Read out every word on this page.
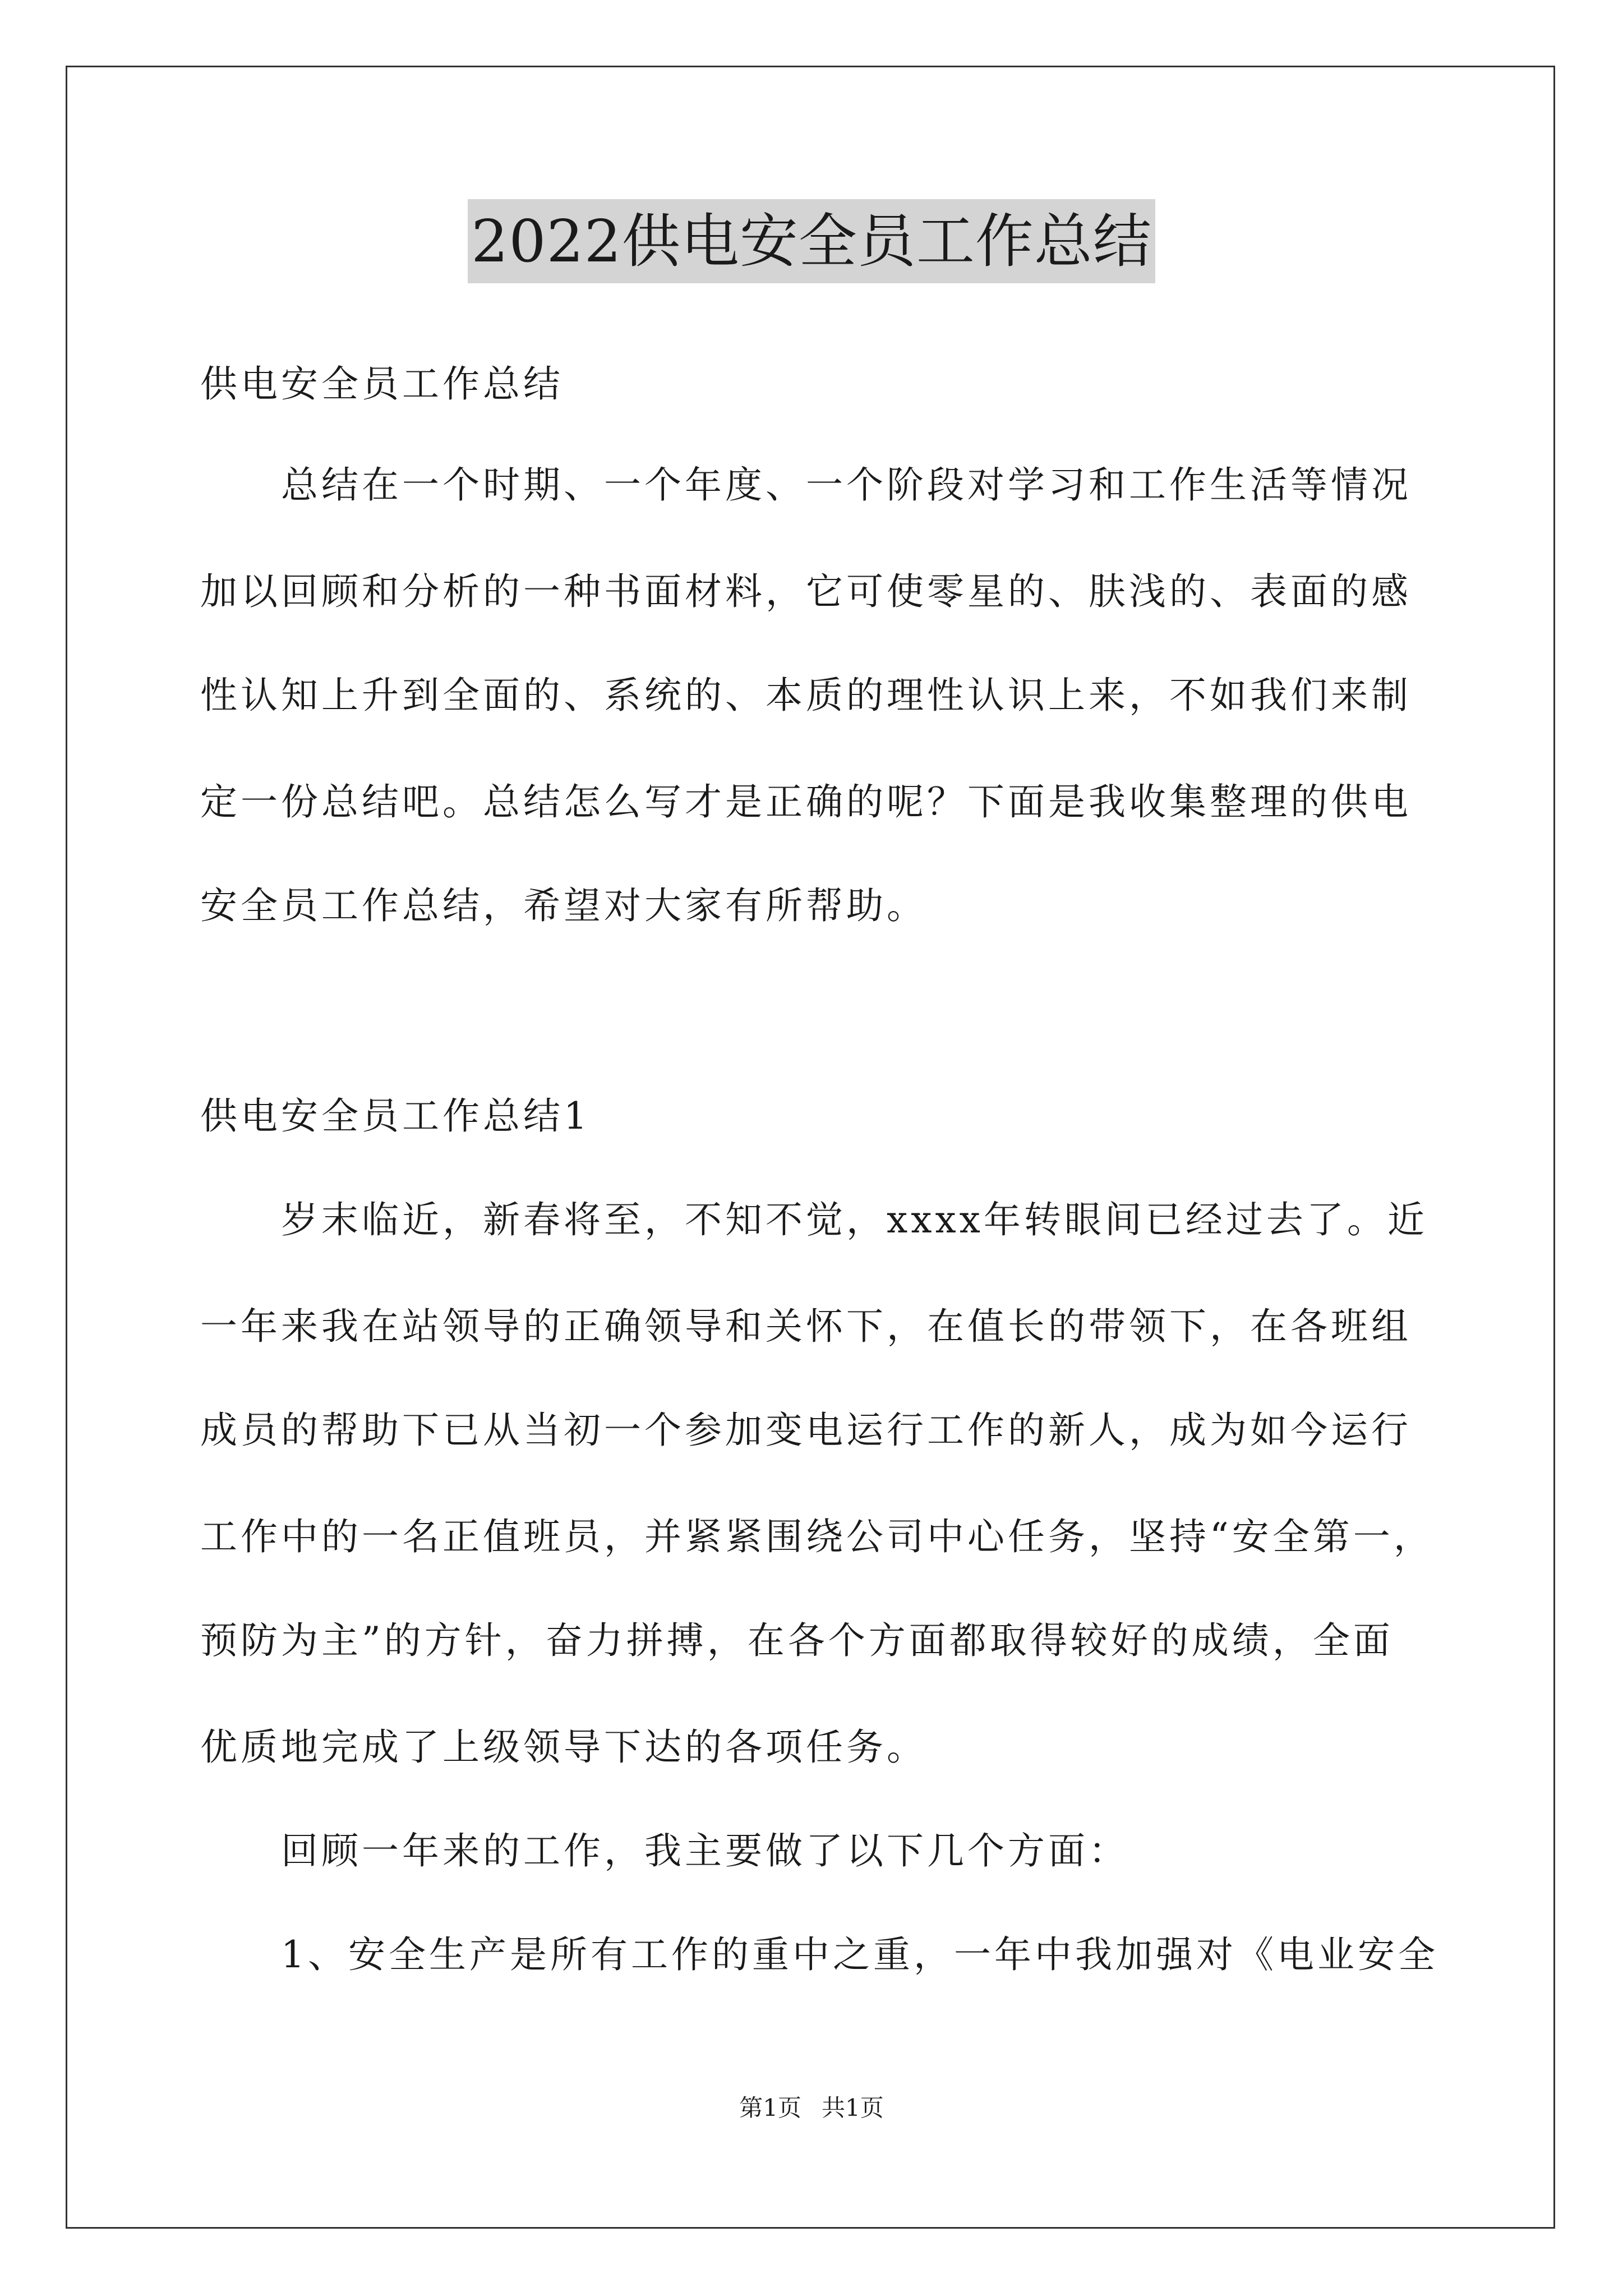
2022供电安全员工作总结
供电安全员工作总结
　　总结在一个时期、一个年度、一个阶段对学习和工作生活等情况
加以回顾和分析的一种书面材料，它可使零星的、肤浅的、表面的感
性认知上升到全面的、系统的、本质的理性认识上来，不如我们来制
定一份总结吧。总结怎么写才是正确的呢？下面是我收集整理的供电
安全员工作总结，希望对大家有所帮助。
供电安全员工作总结1
　　岁末临近，新春将至，不知不觉，xxxx年转眼间已经过去了。近
一年来我在站领导的正确领导和关怀下，在值长的带领下，在各班组
成员的帮助下已从当初一个参加变电运行工作的新人，成为如今运行
工作中的一名正值班员，并紧紧围绕公司中心任务，坚持“安全第一，
预防为主”的方针，奋力拼搏，在各个方面都取得较好的成绩，全面
优质地完成了上级领导下达的各项任务。
　　回顾一年来的工作，我主要做了以下几个方面：
　　1、安全生产是所有工作的重中之重，一年中我加强对《电业安全
第1页 共1页
